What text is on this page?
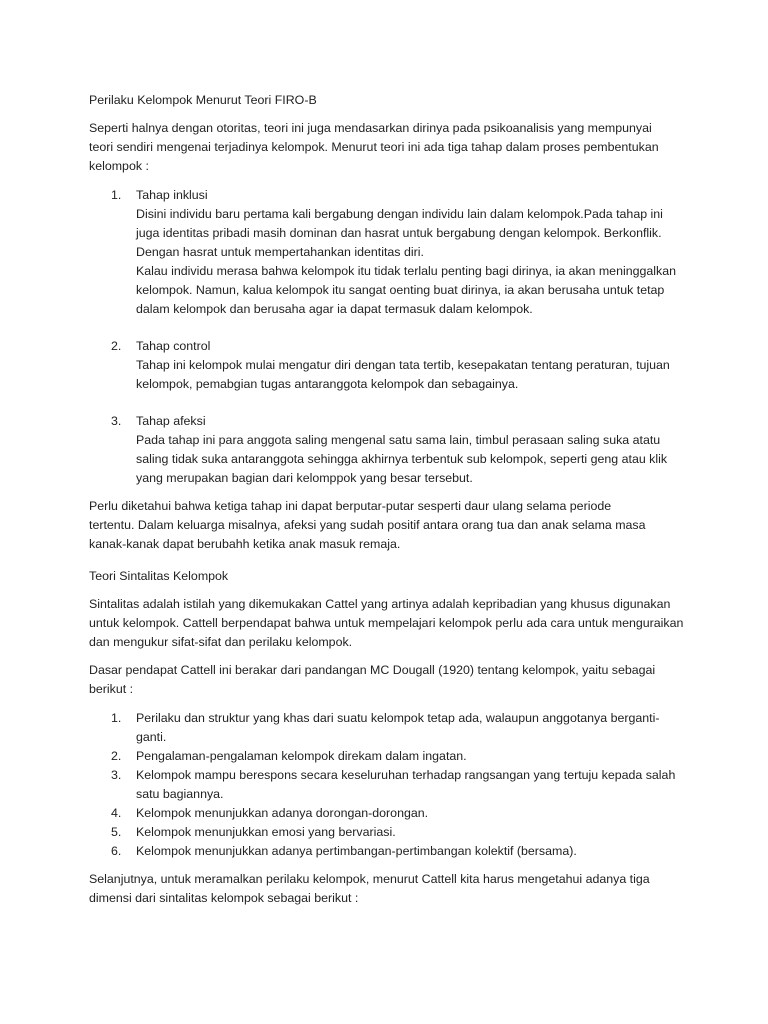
Perilaku Kelompok Menurut Teori FIRO-B

Seperti halnya dengan otoritas, teori ini juga mendasarkan dirinya pada psikoanalisis yang mempunyai teori sendiri mengenai terjadinya kelompok. Menurut teori ini ada tiga tahap dalam proses pembentukan kelompok :

1. Tahap inklusi
Disini individu baru pertama kali bergabung dengan individu lain dalam kelompok.Pada tahap ini juga identitas pribadi masih dominan dan hasrat untuk bergabung dengan kelompok. Berkonflik. Dengan hasrat untuk mempertahankan identitas diri.
Kalau individu merasa bahwa kelompok itu tidak terlalu penting bagi dirinya, ia akan meninggalkan kelompok. Namun, kalua kelompok itu sangat oenting buat dirinya, ia akan berusaha untuk tetap dalam kelompok dan berusaha agar ia dapat termasuk dalam kelompok.
2. Tahap control
Tahap ini kelompok mulai mengatur diri dengan tata tertib, kesepakatan tentang peraturan, tujuan kelompok, pemabgian tugas antaranggota kelompok dan sebagainya.
3. Tahap afeksi
Pada tahap ini para anggota saling mengenal satu sama lain, timbul perasaan saling suka atatu saling tidak suka antaranggota sehingga akhirnya terbentuk sub kelompok, seperti geng atau klik yang merupakan bagian dari kelomppok yang besar tersebut.

Perlu diketahui bahwa ketiga tahap ini dapat berputar-putar sesperti daur ulang selama periode tertentu. Dalam keluarga misalnya, afeksi yang sudah positif antara orang tua dan anak selama masa kanak-kanak dapat berubahh ketika anak masuk remaja.

Teori Sintalitas Kelompok

Sintalitas adalah istilah yang dikemukakan Cattel yang artinya adalah kepribadian yang khusus digunakan untuk kelompok. Cattell berpendapat bahwa untuk mempelajari kelompok perlu ada cara untuk menguraikan dan mengukur sifat-sifat dan perilaku kelompok.

Dasar pendapat Cattell ini berakar dari pandangan MC Dougall (1920) tentang kelompok, yaitu sebagai berikut :

1. Perilaku dan struktur yang khas dari suatu kelompok tetap ada, walaupun anggotanya berganti-ganti.
2. Pengalaman-pengalaman kelompok direkam dalam ingatan.
3. Kelompok mampu berespons secara keseluruhan terhadap rangsangan yang tertuju kepada salah satu bagiannya.
4. Kelompok menunjukkan adanya dorongan-dorongan.
5. Kelompok menunjukkan emosi yang bervariasi.
6. Kelompok menunjukkan adanya pertimbangan-pertimbangan kolektif (bersama).

Selanjutnya, untuk meramalkan perilaku kelompok, menurut Cattell kita harus mengetahui adanya tiga dimensi dari sintalitas kelompok sebagai berikut :
